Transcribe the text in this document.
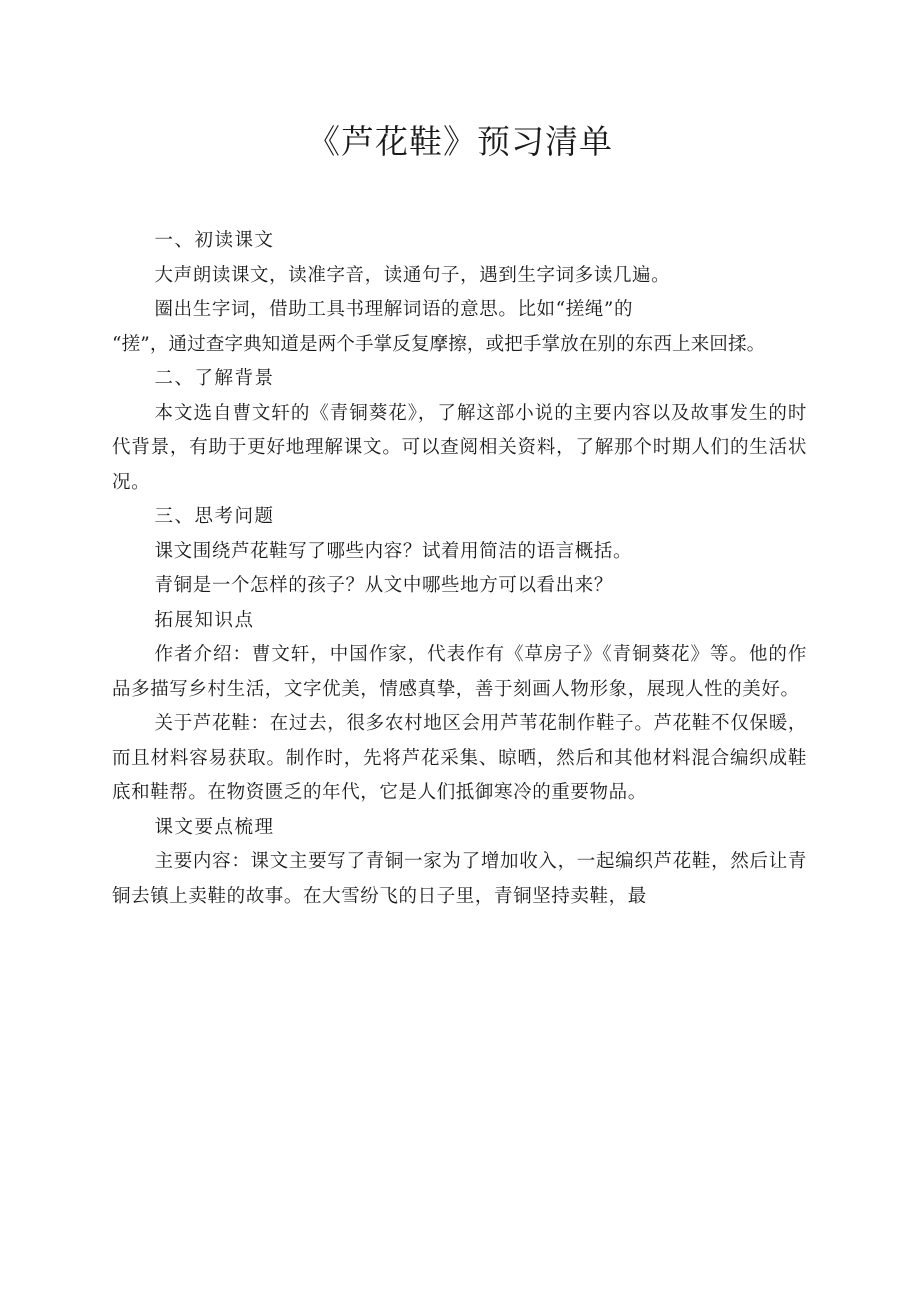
《芦花鞋》预习清单

一、初读课文

大声朗读课文，读准字音，读通句子，遇到生字词多读几遍。

圈出生字词，借助工具书理解词语的意思。比如“搓绳”的
“搓”，通过查字典知道是两个手掌反复摩擦，或把手掌放在别的东西上来回揉。

二、了解背景

本文选自曹文轩的《青铜葵花》，了解这部小说的主要内容以及故事发生的时代背景，有助于更好地理解课文。可以查阅相关资料，了解那个时期人们的生活状况。

三、思考问题

课文围绕芦花鞋写了哪些内容？试着用简洁的语言概括。

青铜是一个怎样的孩子？从文中哪些地方可以看出来？

拓展知识点

作者介绍：曹文轩，中国作家，代表作有《草房子》《青铜葵花》等。他的作品多描写乡村生活，文字优美，情感真挚，善于刻画人物形象，展现人性的美好。

关于芦花鞋：在过去，很多农村地区会用芦苇花制作鞋子。芦花鞋不仅保暖，而且材料容易获取。制作时，先将芦花采集、晾晒，然后和其他材料混合编织成鞋底和鞋帮。在物资匮乏的年代，它是人们抵御寒冷的重要物品。

课文要点梳理

主要内容：课文主要写了青铜一家为了增加收入，一起编织芦花鞋，然后让青铜去镇上卖鞋的故事。在大雪纷飞的日子里，青铜坚持卖鞋，最
